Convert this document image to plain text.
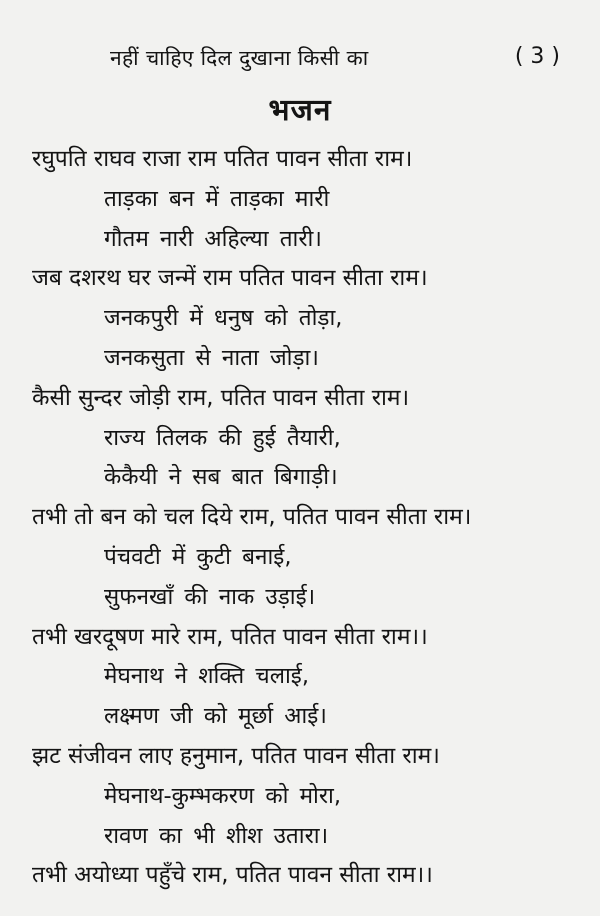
नहीं चाहिए दिल दुखाना किसी का	( 3 )
भजन
रघुपति राघव राजा राम पतित पावन सीता राम।
ताड़का बन में ताड़का मारी
गौतम नारी अहिल्या तारी।
जब दशरथ घर जन्में राम पतित पावन सीता राम।
जनकपुरी में धनुष को तोड़ा,
जनकसुता से नाता जोड़ा।
कैसी सुन्दर जोड़ी राम, पतित पावन सीता राम।
राज्य तिलक की हुई तैयारी,
केकैयी ने सब बात बिगाड़ी।
तभी तो बन को चल दिये राम, पतित पावन सीता राम।
पंचवटी में कुटी बनाई,
सुफनखाँ की नाक उड़ाई।
तभी खरदूषण मारे राम, पतित पावन सीता राम।।
मेघनाथ ने शक्ति चलाई,
लक्ष्मण जी को मूर्छा आई।
झट संजीवन लाए हनुमान, पतित पावन सीता राम।
मेघनाथ-कुम्भकरण को मोरा,
रावण का भी शीश उतारा।
तभी अयोध्या पहुँचे राम, पतित पावन सीता राम।।
